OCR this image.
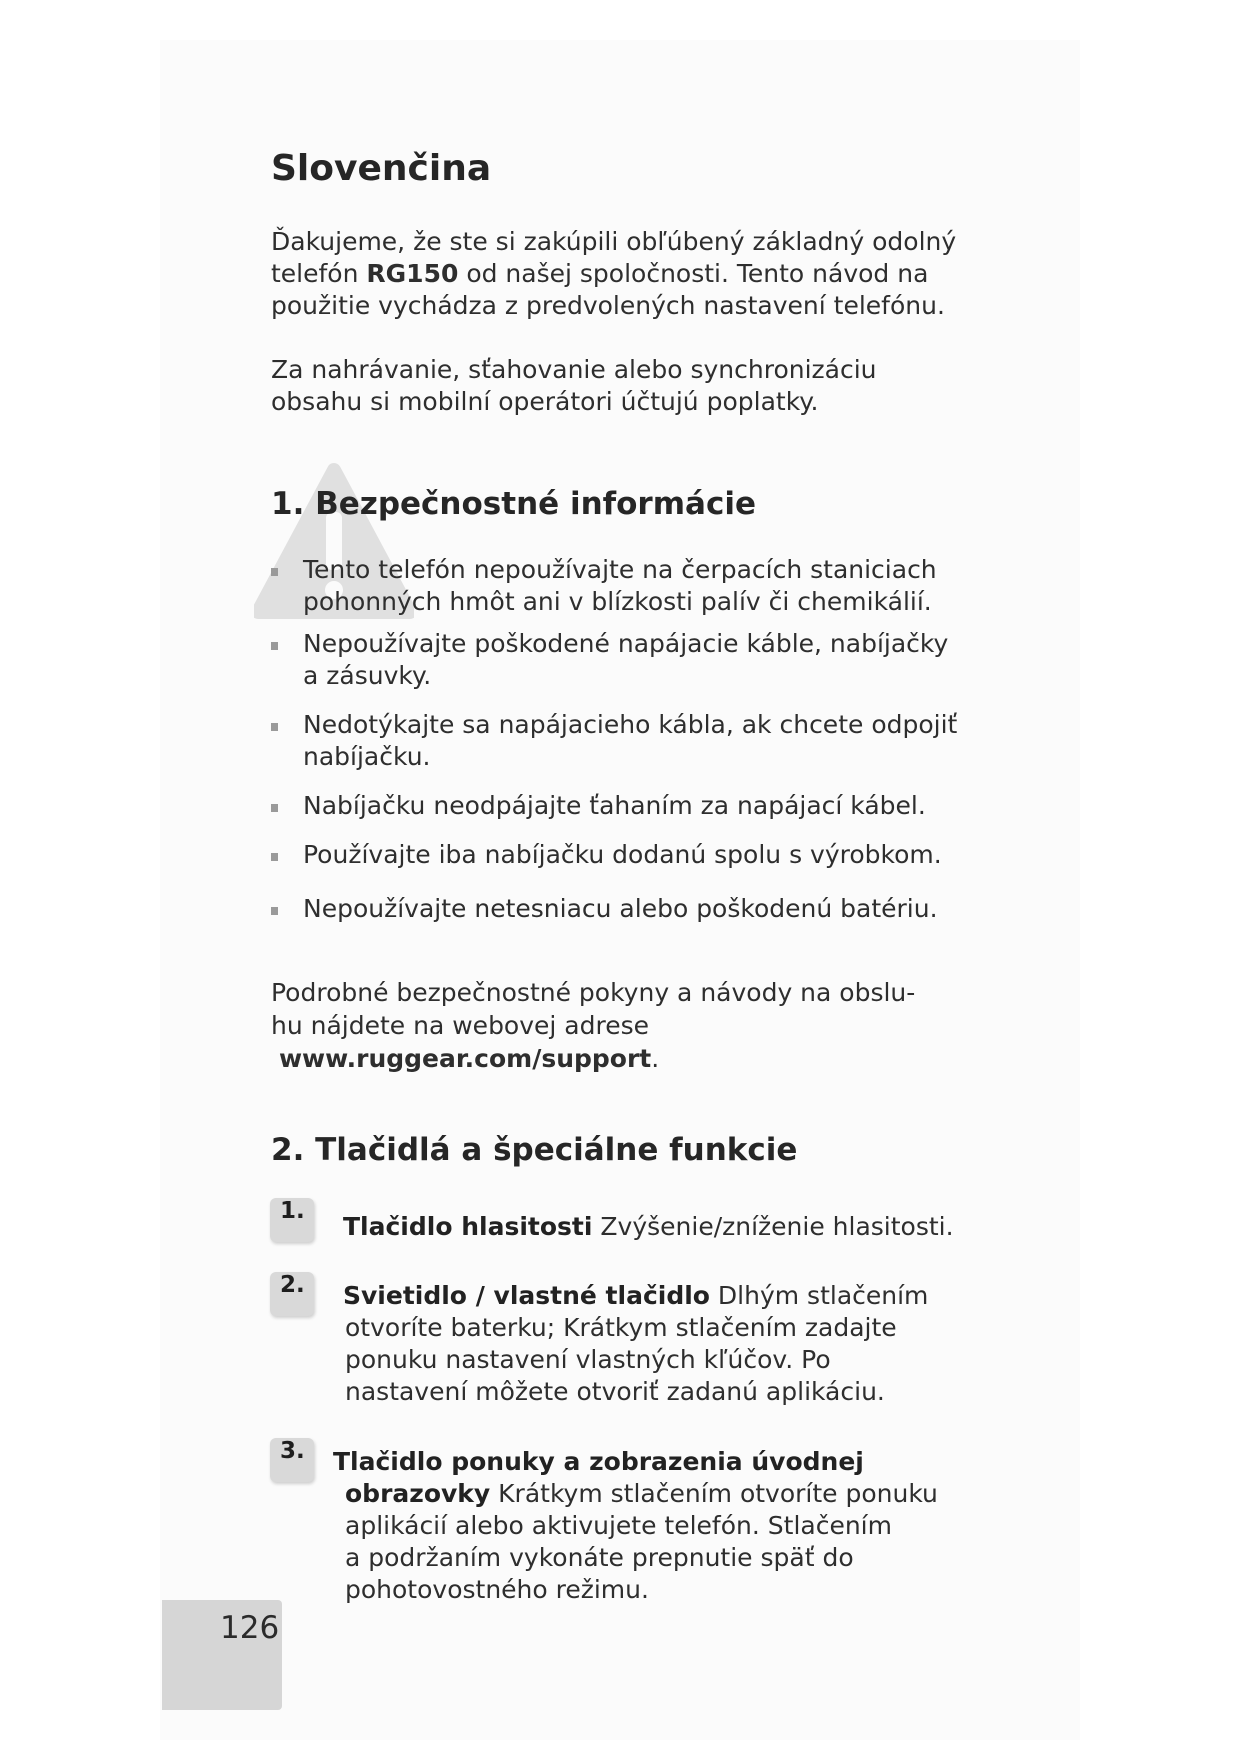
Slovenčina

Ďakujeme, že ste si zakúpili obľúbený základný odolný
telefón RG150 od našej spoločnosti. Tento návod na
použitie vychádza z predvolených nastavení telefónu.

Za nahrávanie, sťahovanie alebo synchronizáciu
obsahu si mobilní operátori účtujú poplatky.

1. Bezpečnostné informácie
Tento telefón nepoužívajte na čerpacích staniciach pohonných hmôt ani v blízkosti palív či chemikálií.
Nepoužívajte poškodené napájacie káble, nabíjačky a zásuvky.
Nedotýkajte sa napájacieho kábla, ak chcete odpojiť nabíjačku.
Nabíjačku neodpájajte ťahaním za napájací kábel.
Používajte iba nabíjačku dodanú spolu s výrobkom.
Nepoužívajte netesniacu alebo poškodenú batériu.

Podrobné bezpečnostné pokyny a návody na obslu-
hu nájdete na webovej adrese
www.ruggear.com/support.

2. Tlačidlá a špeciálne funkcie
1.
Tlačidlo hlasitosti Zvýšenie/zníženie hlasitosti.
2. Svietidlo / vlastné tlačidlo Dlhým stlačením
otvoríte baterku; Krátkym stlačením zadajte ponuku nastavení vlastných kľúčov. Po nastavení môžete otvoriť zadanú aplikáciu.
3. Tlačidlo ponuky a zobrazenia úvodnej
obrazovky Krátkym stlačením otvoríte ponuku
aplikácií alebo aktivujete telefón. Stlačením a podržaním vykonáte prepnutie späť do pohotovostného režimu.
126
